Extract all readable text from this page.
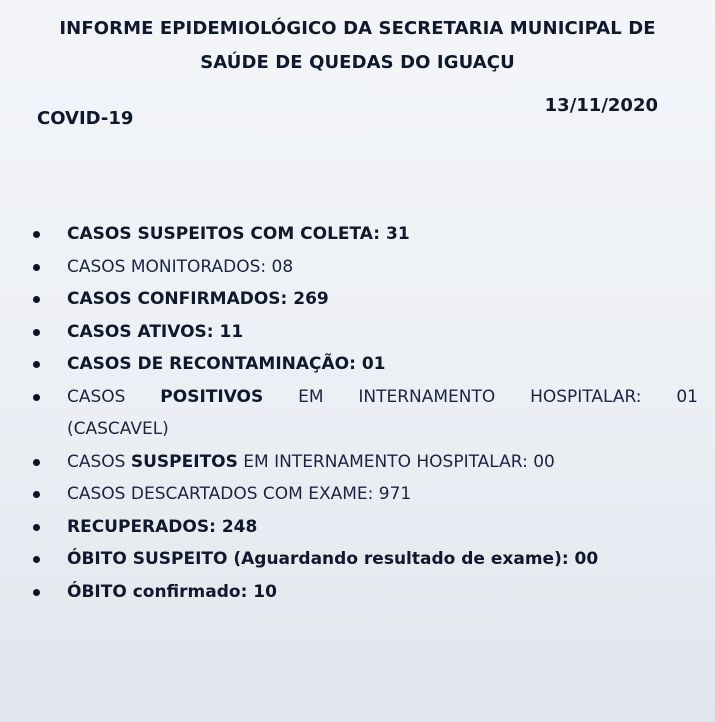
INFORME EPIDEMIOLÓGICO DA SECRETARIA MUNICIPAL DE
SAÚDE DE QUEDAS DO IGUAÇU
COVID-19
13/11/2020
CASOS SUSPEITOS COM COLETA: 31
CASOS MONITORADOS: 08
CASOS CONFIRMADOS: 269
CASOS ATIVOS: 11
CASOS DE RECONTAMINAÇÃO: 01
CASOS POSITIVOS EM INTERNAMENTO HOSPITALAR: 01
(CASCAVEL)
CASOS SUSPEITOS EM INTERNAMENTO HOSPITALAR: 00
CASOS DESCARTADOS COM EXAME: 971
RECUPERADOS: 248
ÓBITO SUSPEITO (Aguardando resultado de exame): 00
ÓBITO confirmado: 10
